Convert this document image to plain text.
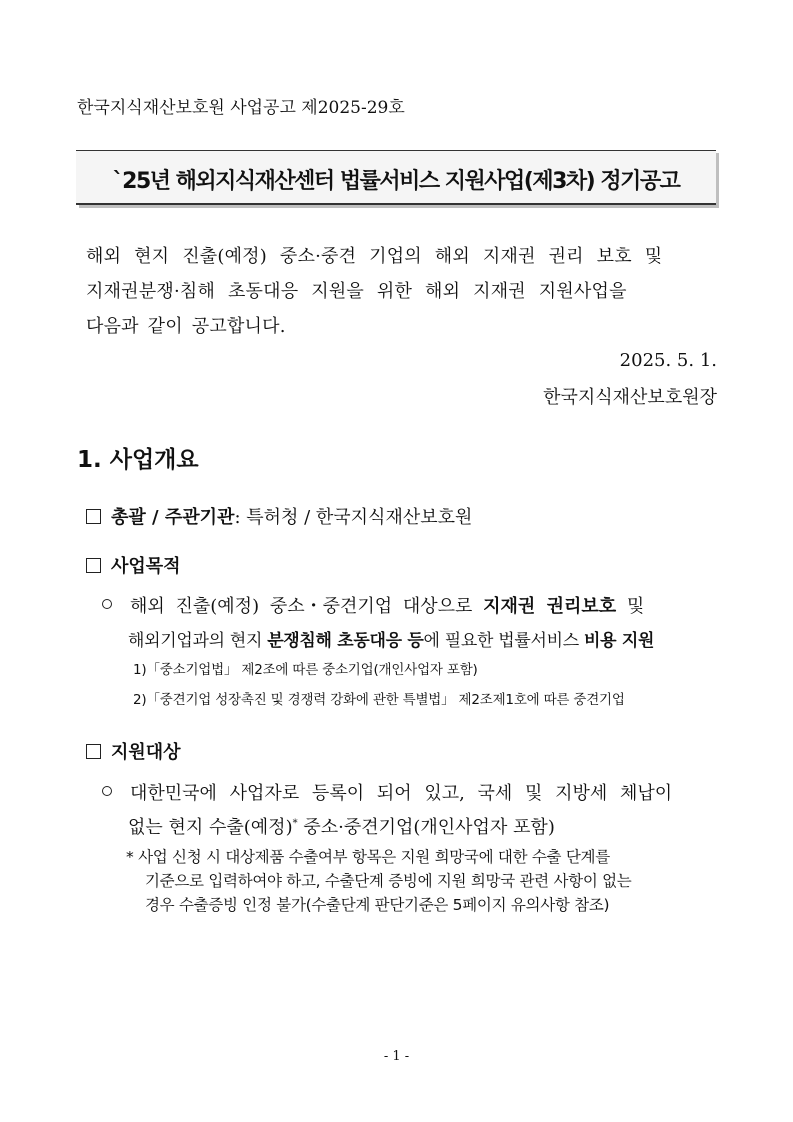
한국지식재산보호원 사업공고 제2025-29호
`25년 해외지식재산센터 법률서비스 지원사업(제3차) 정기공고
해외 현지 진출(예정) 중소·중견 기업의 해외 지재권 권리 보호 및
지재권분쟁·침해 초동대응 지원을 위한 해외 지재권 지원사업을
다음과 같이 공고합니다.
2025. 5. 1.
한국지식재산보호원장
1. 사업개요
총괄 / 주관기관: 특허청 / 한국지식재산보호원
사업목적
해외 진출(예정) 중소・중견기업 대상으로 지재권 권리보호 및
해외기업과의 현지 분쟁침해 초동대응 등에 필요한 법률서비스 비용 지원
1)「중소기업법」 제2조에 따른 중소기업(개인사업자 포함)
2)「중견기업 성장촉진 및 경쟁력 강화에 관한 특별법」 제2조제1호에 따른 중견기업
지원대상
대한민국에 사업자로 등록이 되어 있고, 국세 및 지방세 체납이
없는 현지 수출(예정)* 중소·중견기업(개인사업자 포함)
* 사업 신청 시 대상제품 수출여부 항목은 지원 희망국에 대한 수출 단계를
기준으로 입력하여야 하고, 수출단계 증빙에 지원 희망국 관련 사항이 없는
경우 수출증빙 인정 불가(수출단계 판단기준은 5페이지 유의사항 참조)
- 1 -
